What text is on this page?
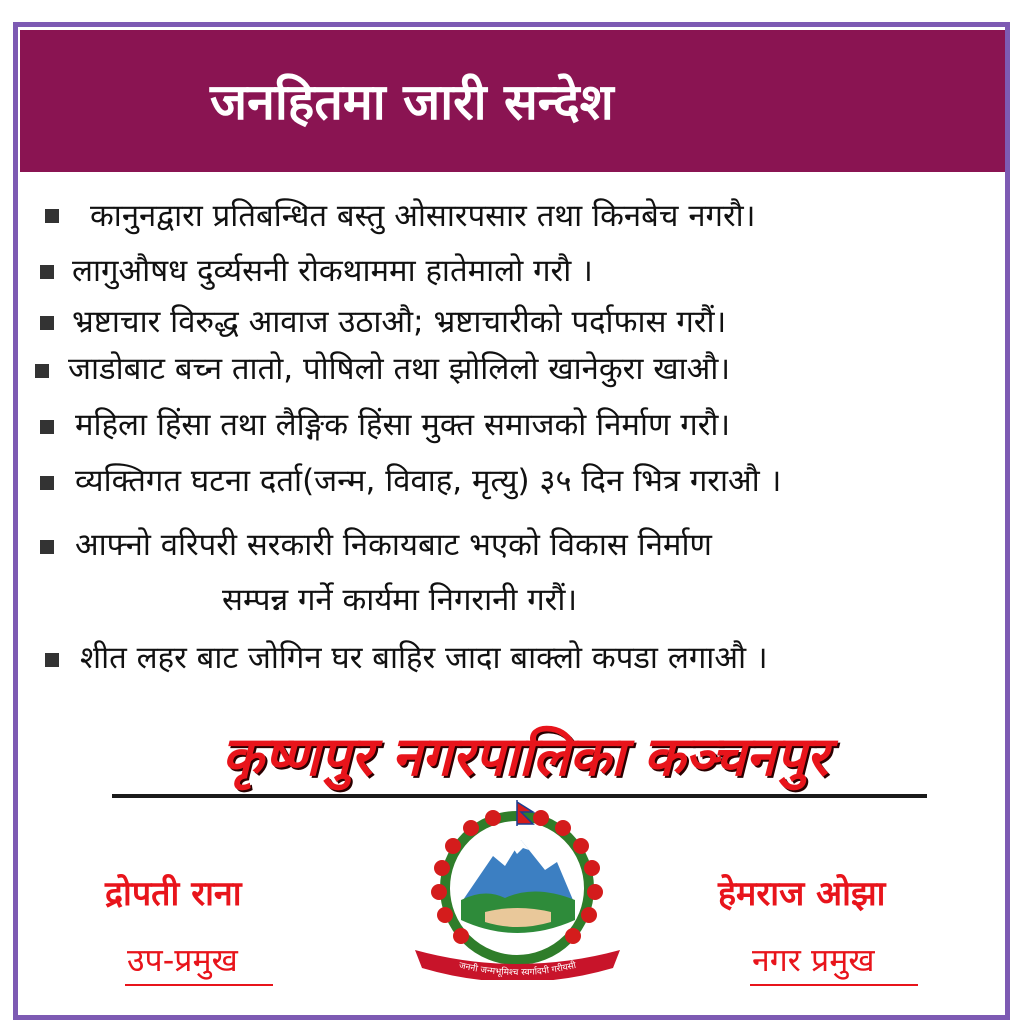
जनहितमा जारी सन्देश
कानुनद्वारा प्रतिबन्धित बस्तु ओसारपसार तथा किनबेच नगरौ।
लागुऔषध दुर्व्यसनी रोकथाममा हातेमालो गरौ ।
भ्रष्टाचार विरुद्ध आवाज उठाऔ; भ्रष्टाचारीको पर्दाफास गरौं।
जाडोबाट बच्न तातो, पोषिलो तथा झोलिलो खानेकुरा खाऔ।
महिला हिंसा तथा लैङ्गिक हिंसा मुक्त समाजको निर्माण गरौ।
व्यक्तिगत घटना दर्ता(जन्म, विवाह, मृत्यु) ३५ दिन भित्र गराऔ ।
आफ्नो वरिपरी सरकारी निकायबाट भएको विकास निर्माण
सम्पन्न गर्ने कार्यमा निगरानी गरौं।
शीत लहर बाट जोगिन घर बाहिर जादा बाक्लो कपडा लगाऔ ।
कृष्णपुर नगरपालिका कञ्चनपुर
जननी जन्मभूमिश्च स्वर्गादपी गरीयसी
द्रोपती राना
उप-प्रमुख
हेमराज ओझा
नगर प्रमुख
